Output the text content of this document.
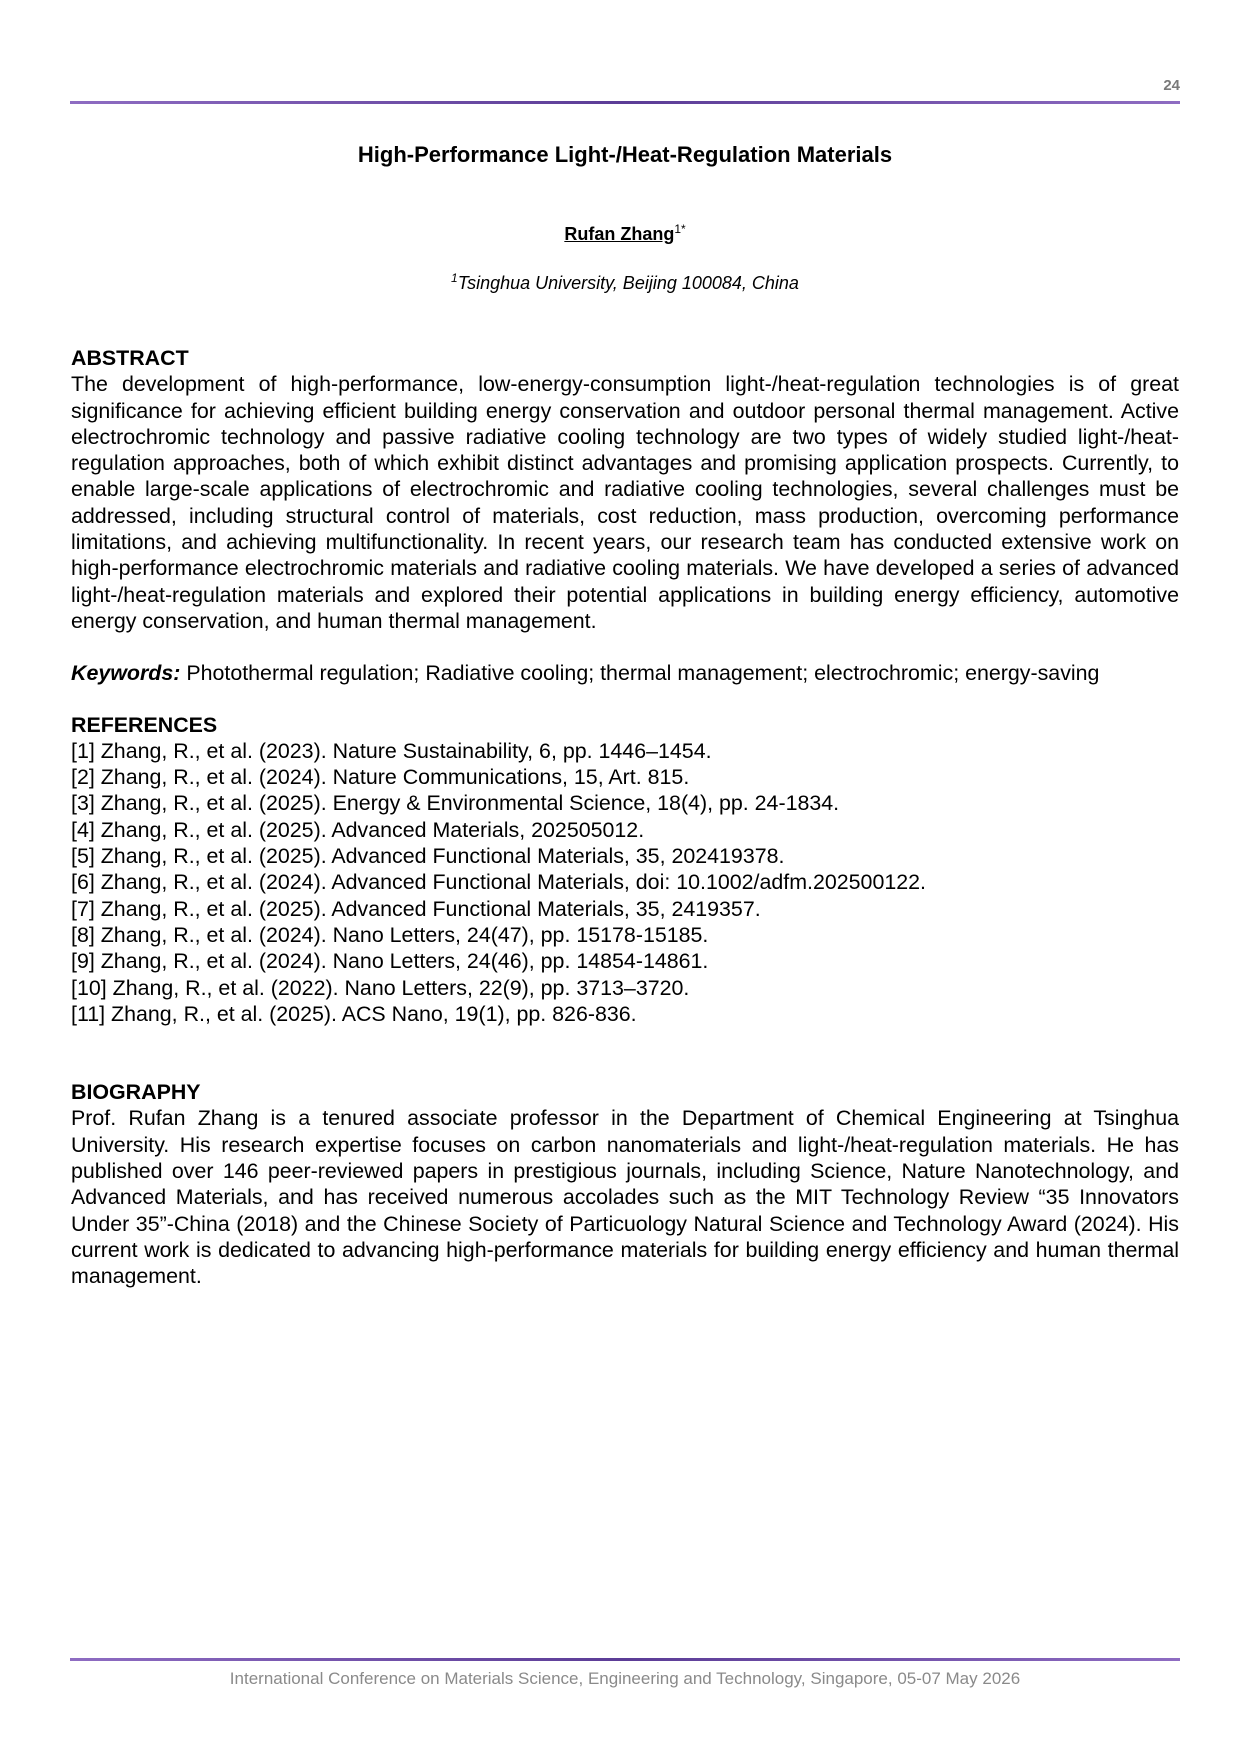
24
High-Performance Light-/Heat-Regulation Materials
Rufan Zhang$^{1*}$
$^1$Tsinghua University, Beijing 100084, China
ABSTRACT
The development of high-performance, low-energy-consumption light-/heat-regulation technologies is of great significance for achieving efficient building energy conservation and outdoor personal thermal management. Active electrochromic technology and passive radiative cooling technology are two types of widely studied light-/heat-regulation approaches, both of which exhibit distinct advantages and promising application prospects. Currently, to enable large-scale applications of electrochromic and radiative cooling technologies, several challenges must be addressed, including structural control of materials, cost reduction, mass production, overcoming performance limitations, and achieving multifunctionality. In recent years, our research team has conducted extensive work on high-performance electrochromic materials and radiative cooling materials. We have developed a series of advanced light-/heat-regulation materials and explored their potential applications in building energy efficiency, automotive energy conservation, and human thermal management.
Keywords: Photothermal regulation; Radiative cooling; thermal management; electrochromic; energy-saving
REFERENCES
[1] Zhang, R., et al. (2023). Nature Sustainability, 6, pp. 1446–1454.
[2] Zhang, R., et al. (2024). Nature Communications, 15, Art. 815.
[3] Zhang, R., et al. (2025). Energy & Environmental Science, 18(4), pp. 24-1834.
[4] Zhang, R., et al. (2025). Advanced Materials, 202505012.
[5] Zhang, R., et al. (2025). Advanced Functional Materials, 35, 202419378.
[6] Zhang, R., et al. (2024). Advanced Functional Materials, doi: 10.1002/adfm.202500122.
[7] Zhang, R., et al. (2025). Advanced Functional Materials, 35, 2419357.
[8] Zhang, R., et al. (2024). Nano Letters, 24(47), pp. 15178-15185.
[9] Zhang, R., et al. (2024). Nano Letters, 24(46), pp. 14854-14861.
[10] Zhang, R., et al. (2022). Nano Letters, 22(9), pp. 3713–3720.
[11] Zhang, R., et al. (2025). ACS Nano, 19(1), pp. 826-836.
BIOGRAPHY
Prof. Rufan Zhang is a tenured associate professor in the Department of Chemical Engineering at Tsinghua University. His research expertise focuses on carbon nanomaterials and light-/heat-regulation materials. He has published over 146 peer-reviewed papers in prestigious journals, including Science, Nature Nanotechnology, and Advanced Materials, and has received numerous accolades such as the MIT Technology Review “35 Innovators Under 35”-China (2018) and the Chinese Society of Particuology Natural Science and Technology Award (2024). His current work is dedicated to advancing high-performance materials for building energy efficiency and human thermal management.
International Conference on Materials Science, Engineering and Technology, Singapore, 05-07 May 2026
